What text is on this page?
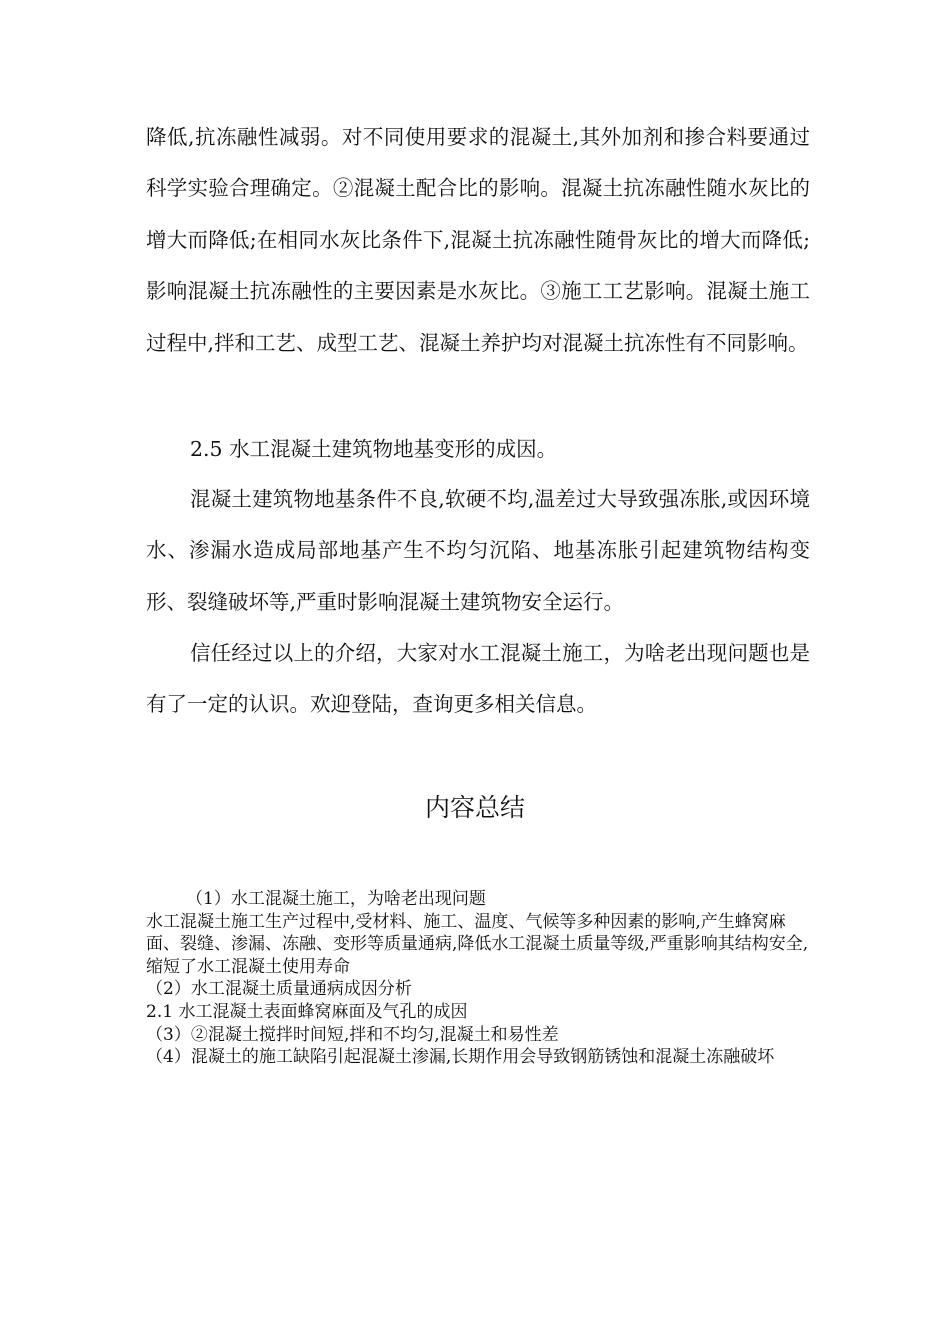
降低,抗冻融性减弱。对不同使用要求的混凝土,其外加剂和掺合料要通过科学实验合理确定。②混凝土配合比的影响。混凝土抗冻融性随水灰比的增大而降低;在相同水灰比条件下,混凝土抗冻融性随骨灰比的增大而降低;影响混凝土抗冻融性的主要因素是水灰比。③施工工艺影响。混凝土施工过程中,拌和工艺、成型工艺、混凝土养护均对混凝土抗冻性有不同影响。

2.5 水工混凝土建筑物地基变形的成因。

混凝土建筑物地基条件不良,软硬不均,温差过大导致强冻胀,或因环境水、渗漏水造成局部地基产生不均匀沉陷、地基冻胀引起建筑物结构变形、裂缝破坏等,严重时影响混凝土建筑物安全运行。

信任经过以上的介绍，大家对水工混凝土施工，为啥老出现问题也是有了一定的认识。欢迎登陆，查询更多相关信息。

内容总结
（1）水工混凝土施工，为啥老出现问题
水工混凝土施工生产过程中,受材料、施工、温度、气候等多种因素的影响,产生蜂窝麻面、裂缝、渗漏、冻融、变形等质量通病,降低水工混凝土质量等级,严重影响其结构安全,缩短了水工混凝土使用寿命
（2）水工混凝土质量通病成因分析
2.1 水工混凝土表面蜂窝麻面及气孔的成因
（3）②混凝土搅拌时间短,拌和不均匀,混凝土和易性差
（4）混凝土的施工缺陷引起混凝土渗漏,长期作用会导致钢筋锈蚀和混凝土冻融破坏
